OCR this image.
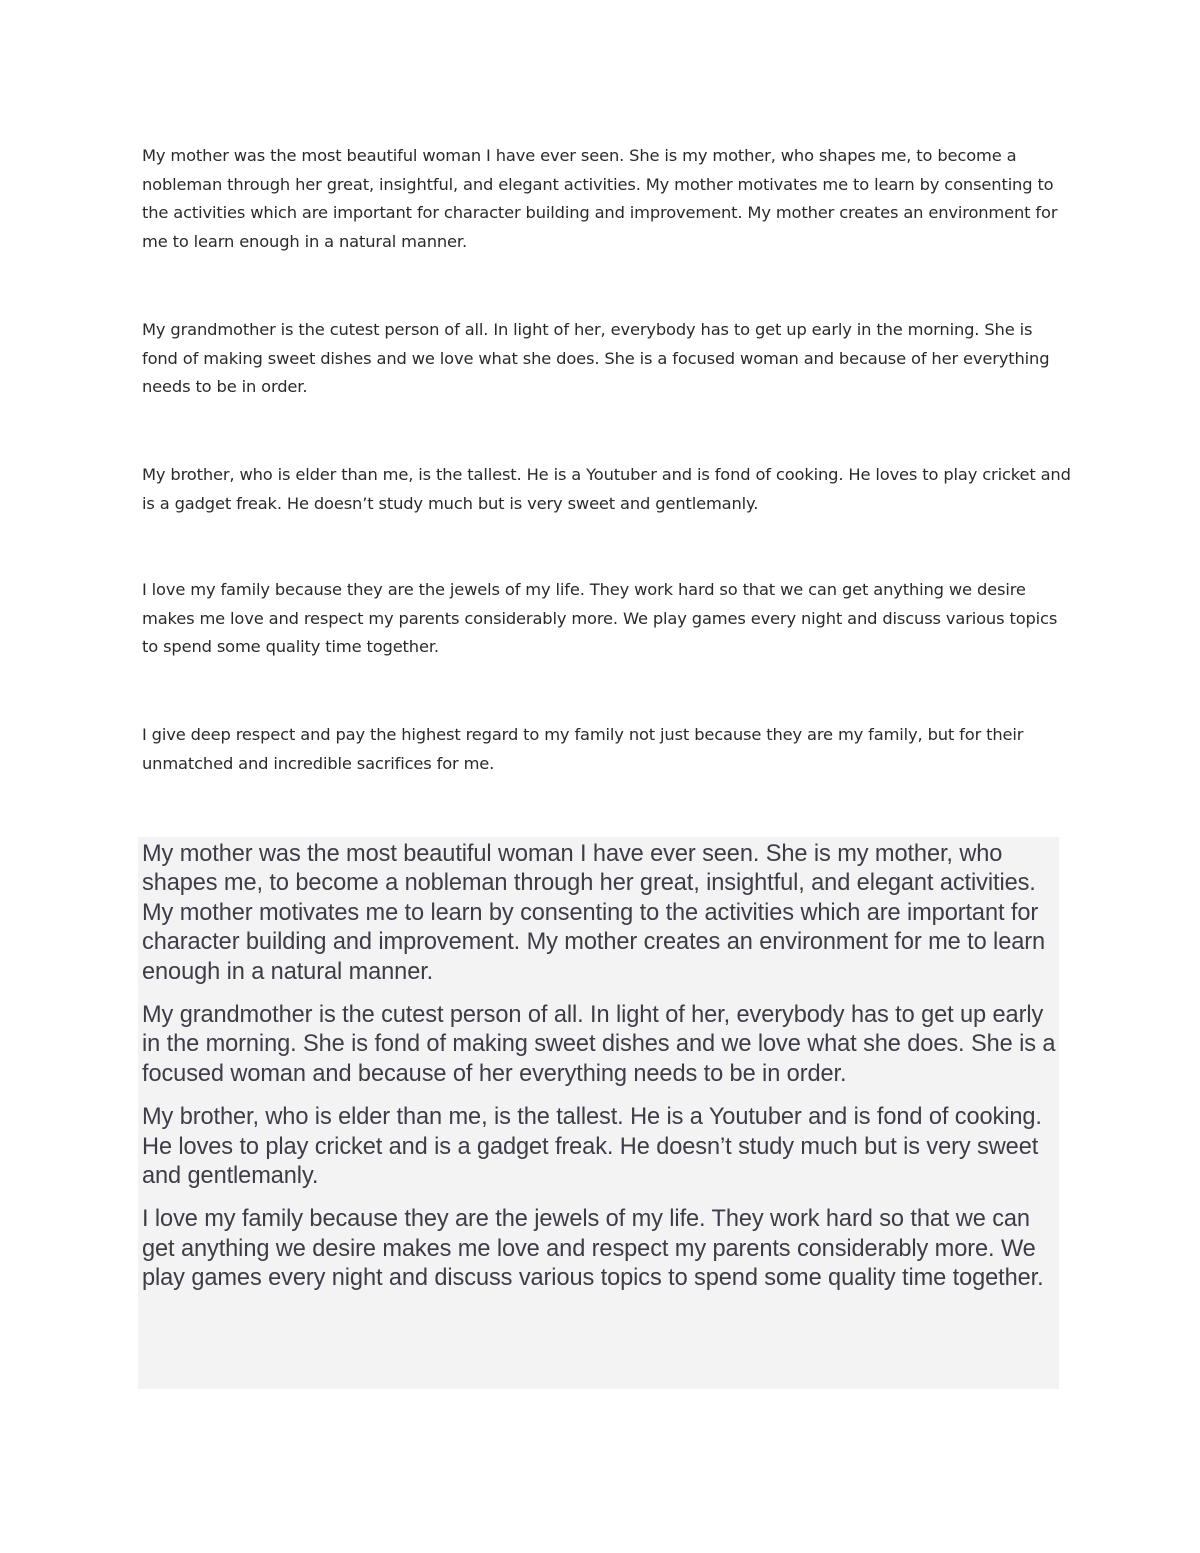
My mother was the most beautiful woman I have ever seen. She is my mother, who shapes me, to become a nobleman through her great, insightful, and elegant activities. My mother motivates me to learn by consenting to the activities which are important for character building and improvement. My mother creates an environment for me to learn enough in a natural manner.

My grandmother is the cutest person of all. In light of her, everybody has to get up early in the morning. She is fond of making sweet dishes and we love what she does. She is a focused woman and because of her everything needs to be in order.

My brother, who is elder than me, is the tallest. He is a Youtuber and is fond of cooking. He loves to play cricket and is a gadget freak. He doesn’t study much but is very sweet and gentlemanly.

I love my family because they are the jewels of my life. They work hard so that we can get anything we desire makes me love and respect my parents considerably more. We play games every night and discuss various topics to spend some quality time together.

I give deep respect and pay the highest regard to my family not just because they are my family, but for their unmatched and incredible sacrifices for me.

My mother was the most beautiful woman I have ever seen. She is my mother, who shapes me, to become a nobleman through her great, insightful, and elegant activities. My mother motivates me to learn by consenting to the activities which are important for character building and improvement. My mother creates an environment for me to learn enough in a natural manner.

My grandmother is the cutest person of all. In light of her, everybody has to get up early in the morning. She is fond of making sweet dishes and we love what she does. She is a focused woman and because of her everything needs to be in order.

My brother, who is elder than me, is the tallest. He is a Youtuber and is fond of cooking. He loves to play cricket and is a gadget freak. He doesn’t study much but is very sweet and gentlemanly.

I love my family because they are the jewels of my life. They work hard so that we can get anything we desire makes me love and respect my parents considerably more. We play games every night and discuss various topics to spend some quality time together.
